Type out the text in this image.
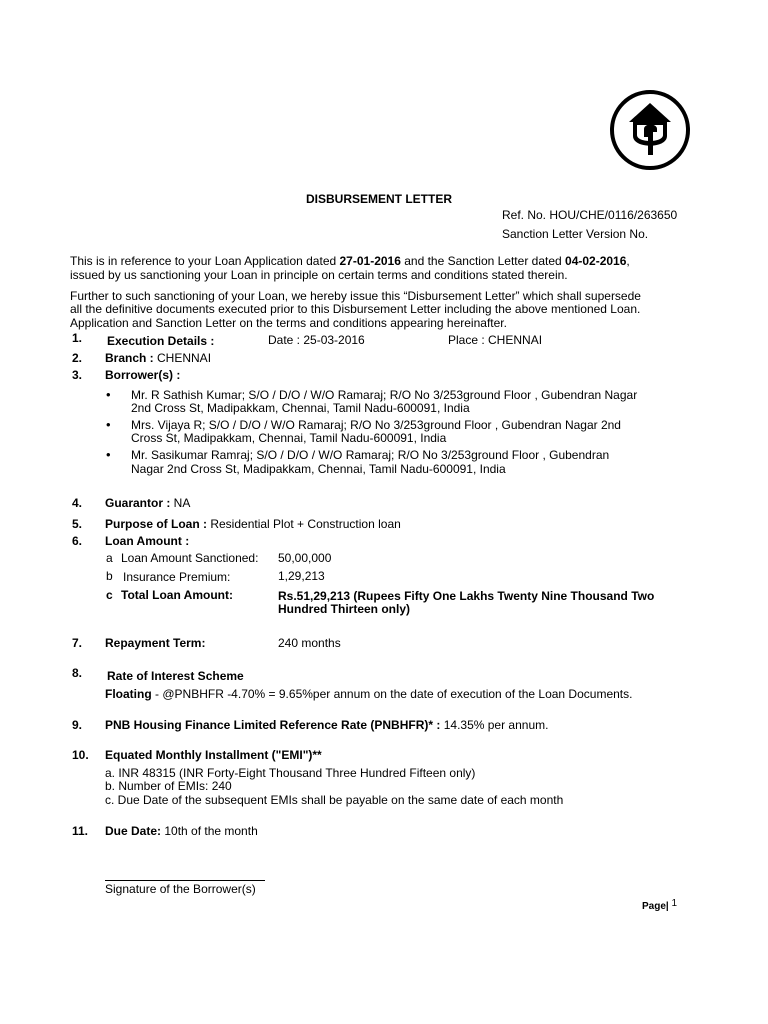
DISBURSEMENT LETTER
Ref. No. HOU/CHE/0116/263650
Sanction Letter Version No.
This is in reference to your Loan Application dated 27-01-2016 and the Sanction Letter dated 04-02-2016,
issued by us sanctioning your Loan in principle on certain terms and conditions stated therein.
Further to such sanctioning of your Loan, we hereby issue this “Disbursement Letter” which shall supersede
all the definitive documents executed prior to this Disbursement Letter including the above mentioned Loan.
Application and Sanction Letter on the terms and conditions appearing hereinafter.
1. Execution Details :	Date : 25-03-2016	Place : CHENNAI
2. Branch : CHENNAI
3. Borrower(s) :
• Mr. R Sathish Kumar; S/O / D/O / W/O Ramaraj; R/O No 3/253ground Floor , Gubendran Nagar
2nd Cross St, Madipakkam, Chennai, Tamil Nadu-600091, India
• Mrs. Vijaya R; S/O / D/O / W/O Ramaraj; R/O No 3/253ground Floor , Gubendran Nagar 2nd
Cross St, Madipakkam, Chennai, Tamil Nadu-600091, India
• Mr. Sasikumar Ramraj; S/O / D/O / W/O Ramaraj; R/O No 3/253ground Floor , Gubendran
Nagar 2nd Cross St, Madipakkam, Chennai, Tamil Nadu-600091, India
4. Guarantor : NA
5. Purpose of Loan : Residential Plot + Construction loan
6. Loan Amount :
a Loan Amount Sanctioned: 50,00,000
b Insurance Premium:	1,29,213
c Total Loan Amount:	Rs.51,29,213 (Rupees Fifty One Lakhs Twenty Nine Thousand Two
Hundred Thirteen only)
7. Repayment Term:	240 months
8. Rate of Interest Scheme
Floating - @PNBHFR -4.70% = 9.65%per annum on the date of execution of the Loan Documents.
9. PNB Housing Finance Limited Reference Rate (PNBHFR)* : 14.35% per annum.
10. Equated Monthly Installment ("EMI")**
a. INR 48315 (INR Forty-Eight Thousand Three Hundred Fifteen only)
b. Number of EMIs: 240
c. Due Date of the subsequent EMIs shall be payable on the same date of each month
11. Due Date: 10th of the month
Signature of the Borrower(s)
Page| 1
